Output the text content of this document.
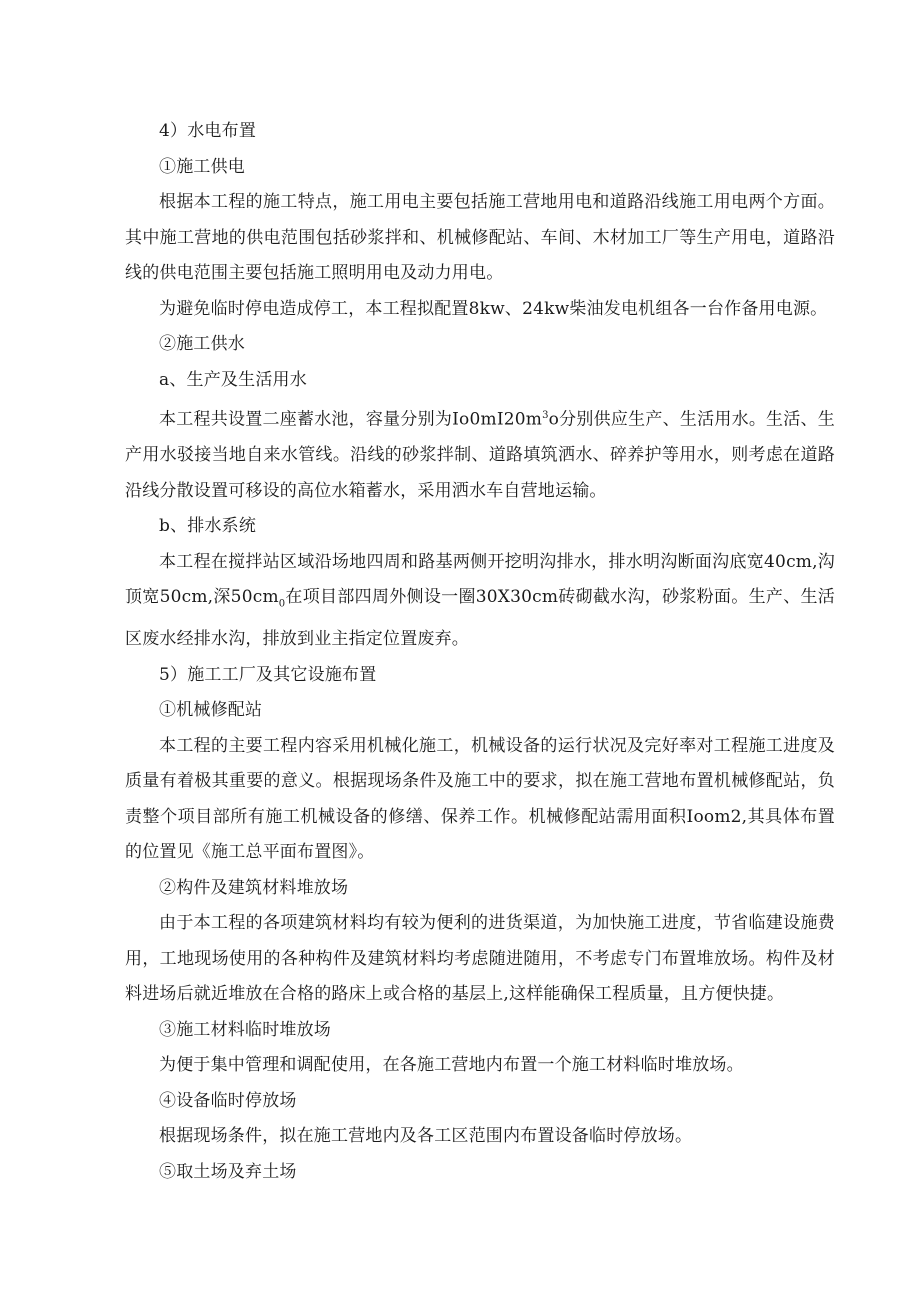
4）水电布置

①施工供电

根据本工程的施工特点，施工用电主要包括施工营地用电和道路沿线施工用电两个方面。其中施工营地的供电范围包括砂浆拌和、机械修配站、车间、木材加工厂等生产用电，道路沿线的供电范围主要包括施工照明用电及动力用电。

为避免临时停电造成停工，本工程拟配置8kw、24kw柴油发电机组各一台作备用电源。

②施工供水

a、生产及生活用水

本工程共设置二座蓄水池，容量分别为$Io0mI20m^3o$分别供应生产、生活用水。生活、生产用水驳接当地自来水管线。沿线的砂浆拌制、道路填筑洒水、碎养护等用水，则考虑在道路沿线分散设置可移设的高位水箱蓄水，采用洒水车自营地运输。

b、排水系统

本工程在搅拌站区域沿场地四周和路基两侧开挖明沟排水，排水明沟断面沟底宽40cm,沟顶宽50cm,深$50cm_0$在项目部四周外侧设一圈30X30cm砖砌截水沟，砂浆粉面。生产、生活区废水经排水沟，排放到业主指定位置废弃。

5）施工工厂及其它设施布置

①机械修配站

本工程的主要工程内容采用机械化施工，机械设备的运行状况及完好率对工程施工进度及质量有着极其重要的意义。根据现场条件及施工中的要求，拟在施工营地布置机械修配站，负责整个项目部所有施工机械设备的修缮、保养工作。机械修配站需用面积Ioom2,其具体布置的位置见《施工总平面布置图》。

②构件及建筑材料堆放场

由于本工程的各项建筑材料均有较为便利的进货渠道，为加快施工进度，节省临建设施费用，工地现场使用的各种构件及建筑材料均考虑随进随用，不考虑专门布置堆放场。构件及材料进场后就近堆放在合格的路床上或合格的基层上,这样能确保工程质量，且方便快捷。

③施工材料临时堆放场

为便于集中管理和调配使用，在各施工营地内布置一个施工材料临时堆放场。

④设备临时停放场

根据现场条件，拟在施工营地内及各工区范围内布置设备临时停放场。

⑤取土场及弃土场
